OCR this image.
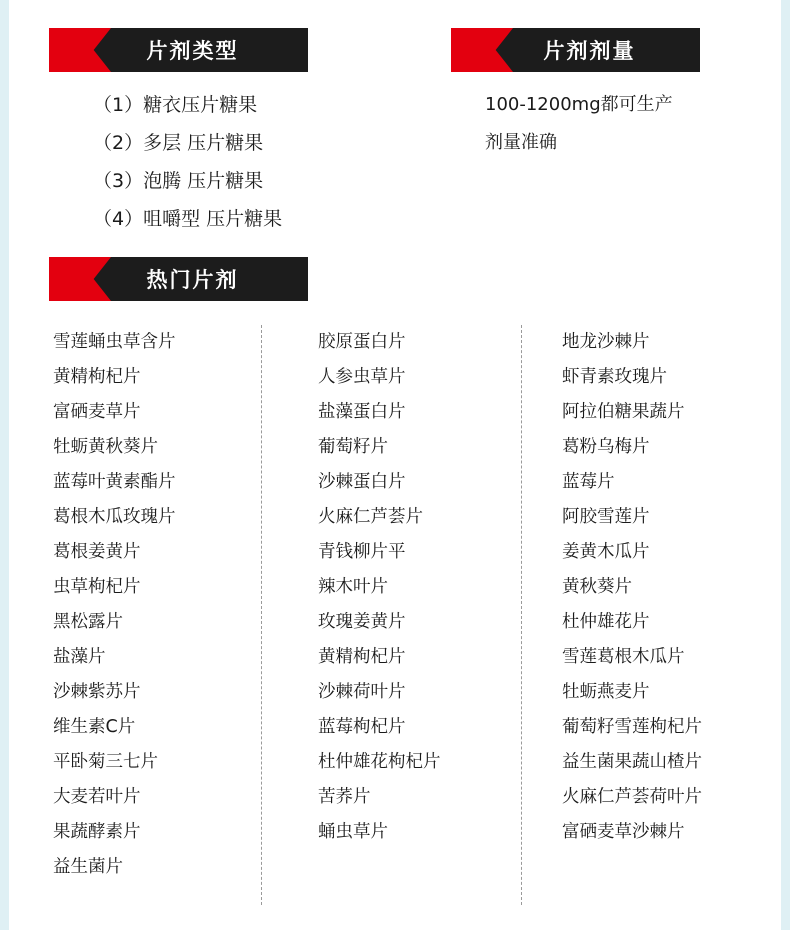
片剂类型	片剂剂量
（1）糖衣压片糖果
（2）多层 压片糖果
（3）泡腾 压片糖果
（4）咀嚼型 压片糖果
100-1200mg都可生产
剂量准确
热门片剂
雪莲蛹虫草含片
黄精枸杞片
富硒麦草片
牡蛎黄秋葵片
蓝莓叶黄素酯片
葛根木瓜玫瑰片
葛根姜黄片
虫草枸杞片
黑松露片
盐藻片
沙棘紫苏片
维生素C片
平卧菊三七片
大麦若叶片
果蔬酵素片
益生菌片
胶原蛋白片
人参虫草片
盐藻蛋白片
葡萄籽片
沙棘蛋白片
火麻仁芦荟片
青钱柳片平
辣木叶片
玫瑰姜黄片
黄精枸杞片
沙棘荷叶片
蓝莓枸杞片
杜仲雄花枸杞片
苦荞片
蛹虫草片
地龙沙棘片
虾青素玫瑰片
阿拉伯糖果蔬片
葛粉乌梅片
蓝莓片
阿胶雪莲片
姜黄木瓜片
黄秋葵片
杜仲雄花片
雪莲葛根木瓜片
牡蛎燕麦片
葡萄籽雪莲枸杞片
益生菌果蔬山楂片
火麻仁芦荟荷叶片
富硒麦草沙棘片
